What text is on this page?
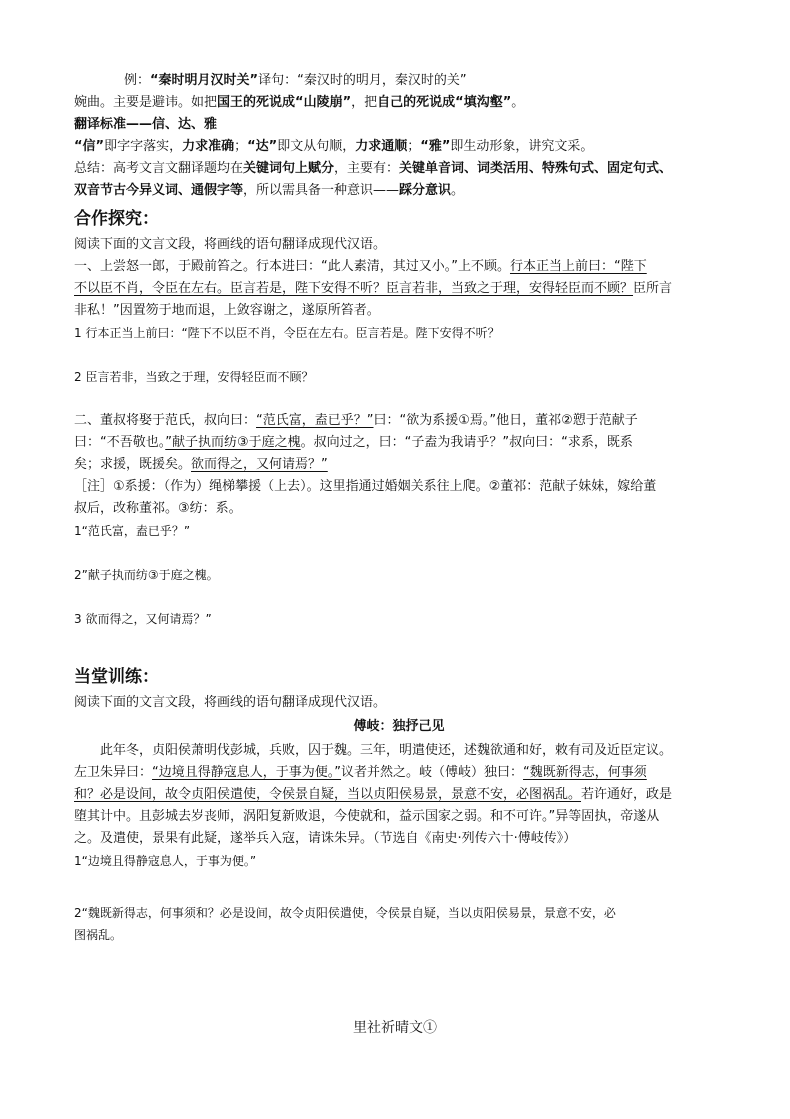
例：“秦时明月汉时关”译句：“秦汉时的明月，秦汉时的关”
婉曲。主要是避讳。如把国王的死说成“山陵崩”，把自己的死说成“填沟壑”。
翻译标准——信、达、雅
“信”即字字落实，力求准确；“达”即文从句顺，力求通顺；“雅”即生动形象，讲究文采。
总结：高考文言文翻译题均在关键词句上赋分，主要有：关键单音词、词类活用、特殊句式、固定句式、
双音节古今异义词、通假字等，所以需具备一种意识——踩分意识。
合作探究：
阅读下面的文言文段，将画线的语句翻译成现代汉语。
一、上尝怒一郎，于殿前笞之。行本进曰：“此人素清，其过又小。”上不顾。行本正当上前曰：“陛下
不以臣不肖，令臣在左右。臣言若是，陛下安得不听？臣言若非，当致之于理，安得轻臣而不顾？臣所言
非私！”因置笏于地而退，上敛容谢之，遂原所笞者。
1 行本正当上前曰：“陛下不以臣不肖，令臣在左右。臣言若是。陛下安得不听？
2 臣言若非，当致之于理，安得轻臣而不顾？
二、董叔将娶于范氏，叔向曰：“范氏富，盍已乎？”曰：“欲为系援①焉。”他日，董祁②愬于范献子
曰：“不吾敬也。”献子执而纺③于庭之槐。叔向过之，曰：“子盍为我请乎？”叔向曰：“求系，既系
矣；求援，既援矣。欲而得之，又何请焉？”
［注］①系援：（作为）绳梯攀援（上去）。这里指通过婚姻关系往上爬。②董祁：范献子妹妹，嫁给董
叔后，改称董祁。③纺：系。
1“范氏富，盍已乎？”
2”献子执而纺③于庭之槐。
3 欲而得之，又何请焉？”
当堂训练：
阅读下面的文言文段，将画线的语句翻译成现代汉语。
傅岐：独抒己见
此年冬，贞阳侯萧明伐彭城，兵败，囚于魏。三年，明遣使还，述魏欲通和好，敕有司及近臣定议。
左卫朱异曰：“边境且得静寇息人，于事为便。”议者并然之。岐（傅岐）独曰：“魏既新得志，何事须
和？必是设间，故令贞阳侯遣使，令侯景自疑，当以贞阳侯易景，景意不安，必图祸乱。若许通好，政是
堕其计中。且彭城去岁丧师，涡阳复新败退，今使就和，益示国家之弱。和不可许。”异等固执，帝遂从
之。及遣使，景果有此疑，遂举兵入寇，请诛朱异。（节选自《南史·列传六十·傅岐传》）
1“边境且得静寇息人，于事为便。”
2“魏既新得志，何事须和？必是设间，故令贞阳侯遣使，令侯景自疑，当以贞阳侯易景，景意不安，必
图祸乱。
里社祈晴文①
